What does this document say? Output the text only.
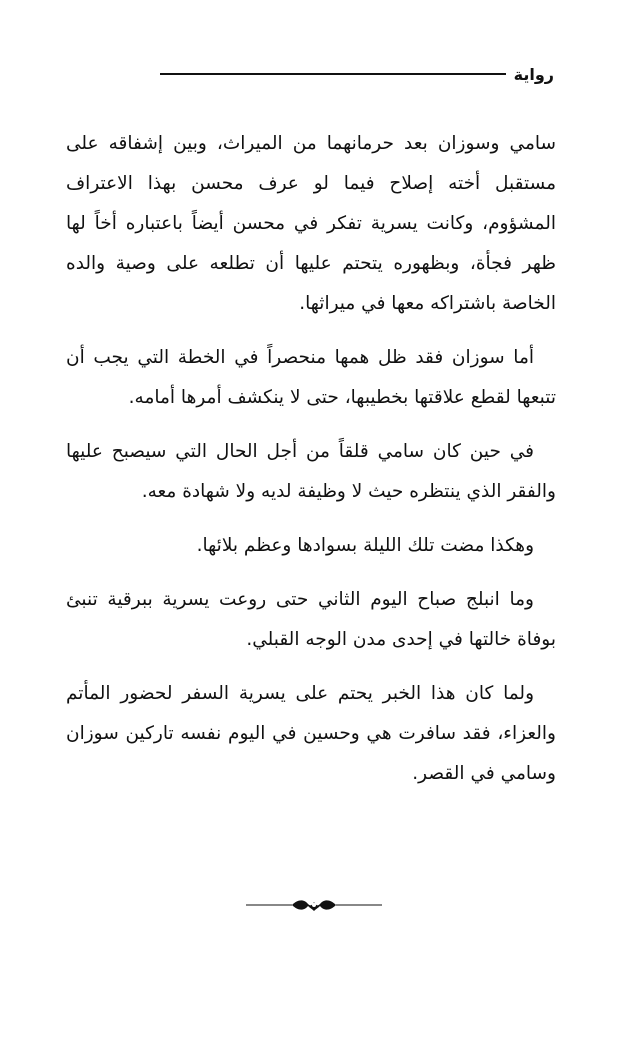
رواية

سامي وسوزان بعد حرمانهما من الميراث، وبين إشفاقه على مستقبل أخته إصلاح فيما لو عرف محسن بهذا الاعتراف المشؤوم، وكانت يسرية تفكر في محسن أيضاً باعتباره أخاً لها ظهر فجأة، وبظهوره يتحتم عليها أن تطلعه على وصية والده الخاصة باشتراكه معها في ميراثها.

أما سوزان فقد ظل همها منحصراً في الخطة التي يجب أن تتبعها لقطع علاقتها بخطيبها، حتى لا ينكشف أمرها أمامه.

في حين كان سامي قلقاً من أجل الحال التي سيصبح عليها والفقر الذي ينتظره حيث لا وظيفة لديه ولا شهادة معه.

وهكذا مضت تلك الليلة بسوادها وعظم بلائها.

وما انبلج صباح اليوم الثاني حتى روعت يسرية ببرقية تنبئ بوفاة خالتها في إحدى مدن الوجه القبلي.

ولما كان هذا الخبر يحتم على يسرية السفر لحضور المأتم والعزاء، فقد سافرت هي وحسين في اليوم نفسه تاركين سوزان وسامي في القصر.
